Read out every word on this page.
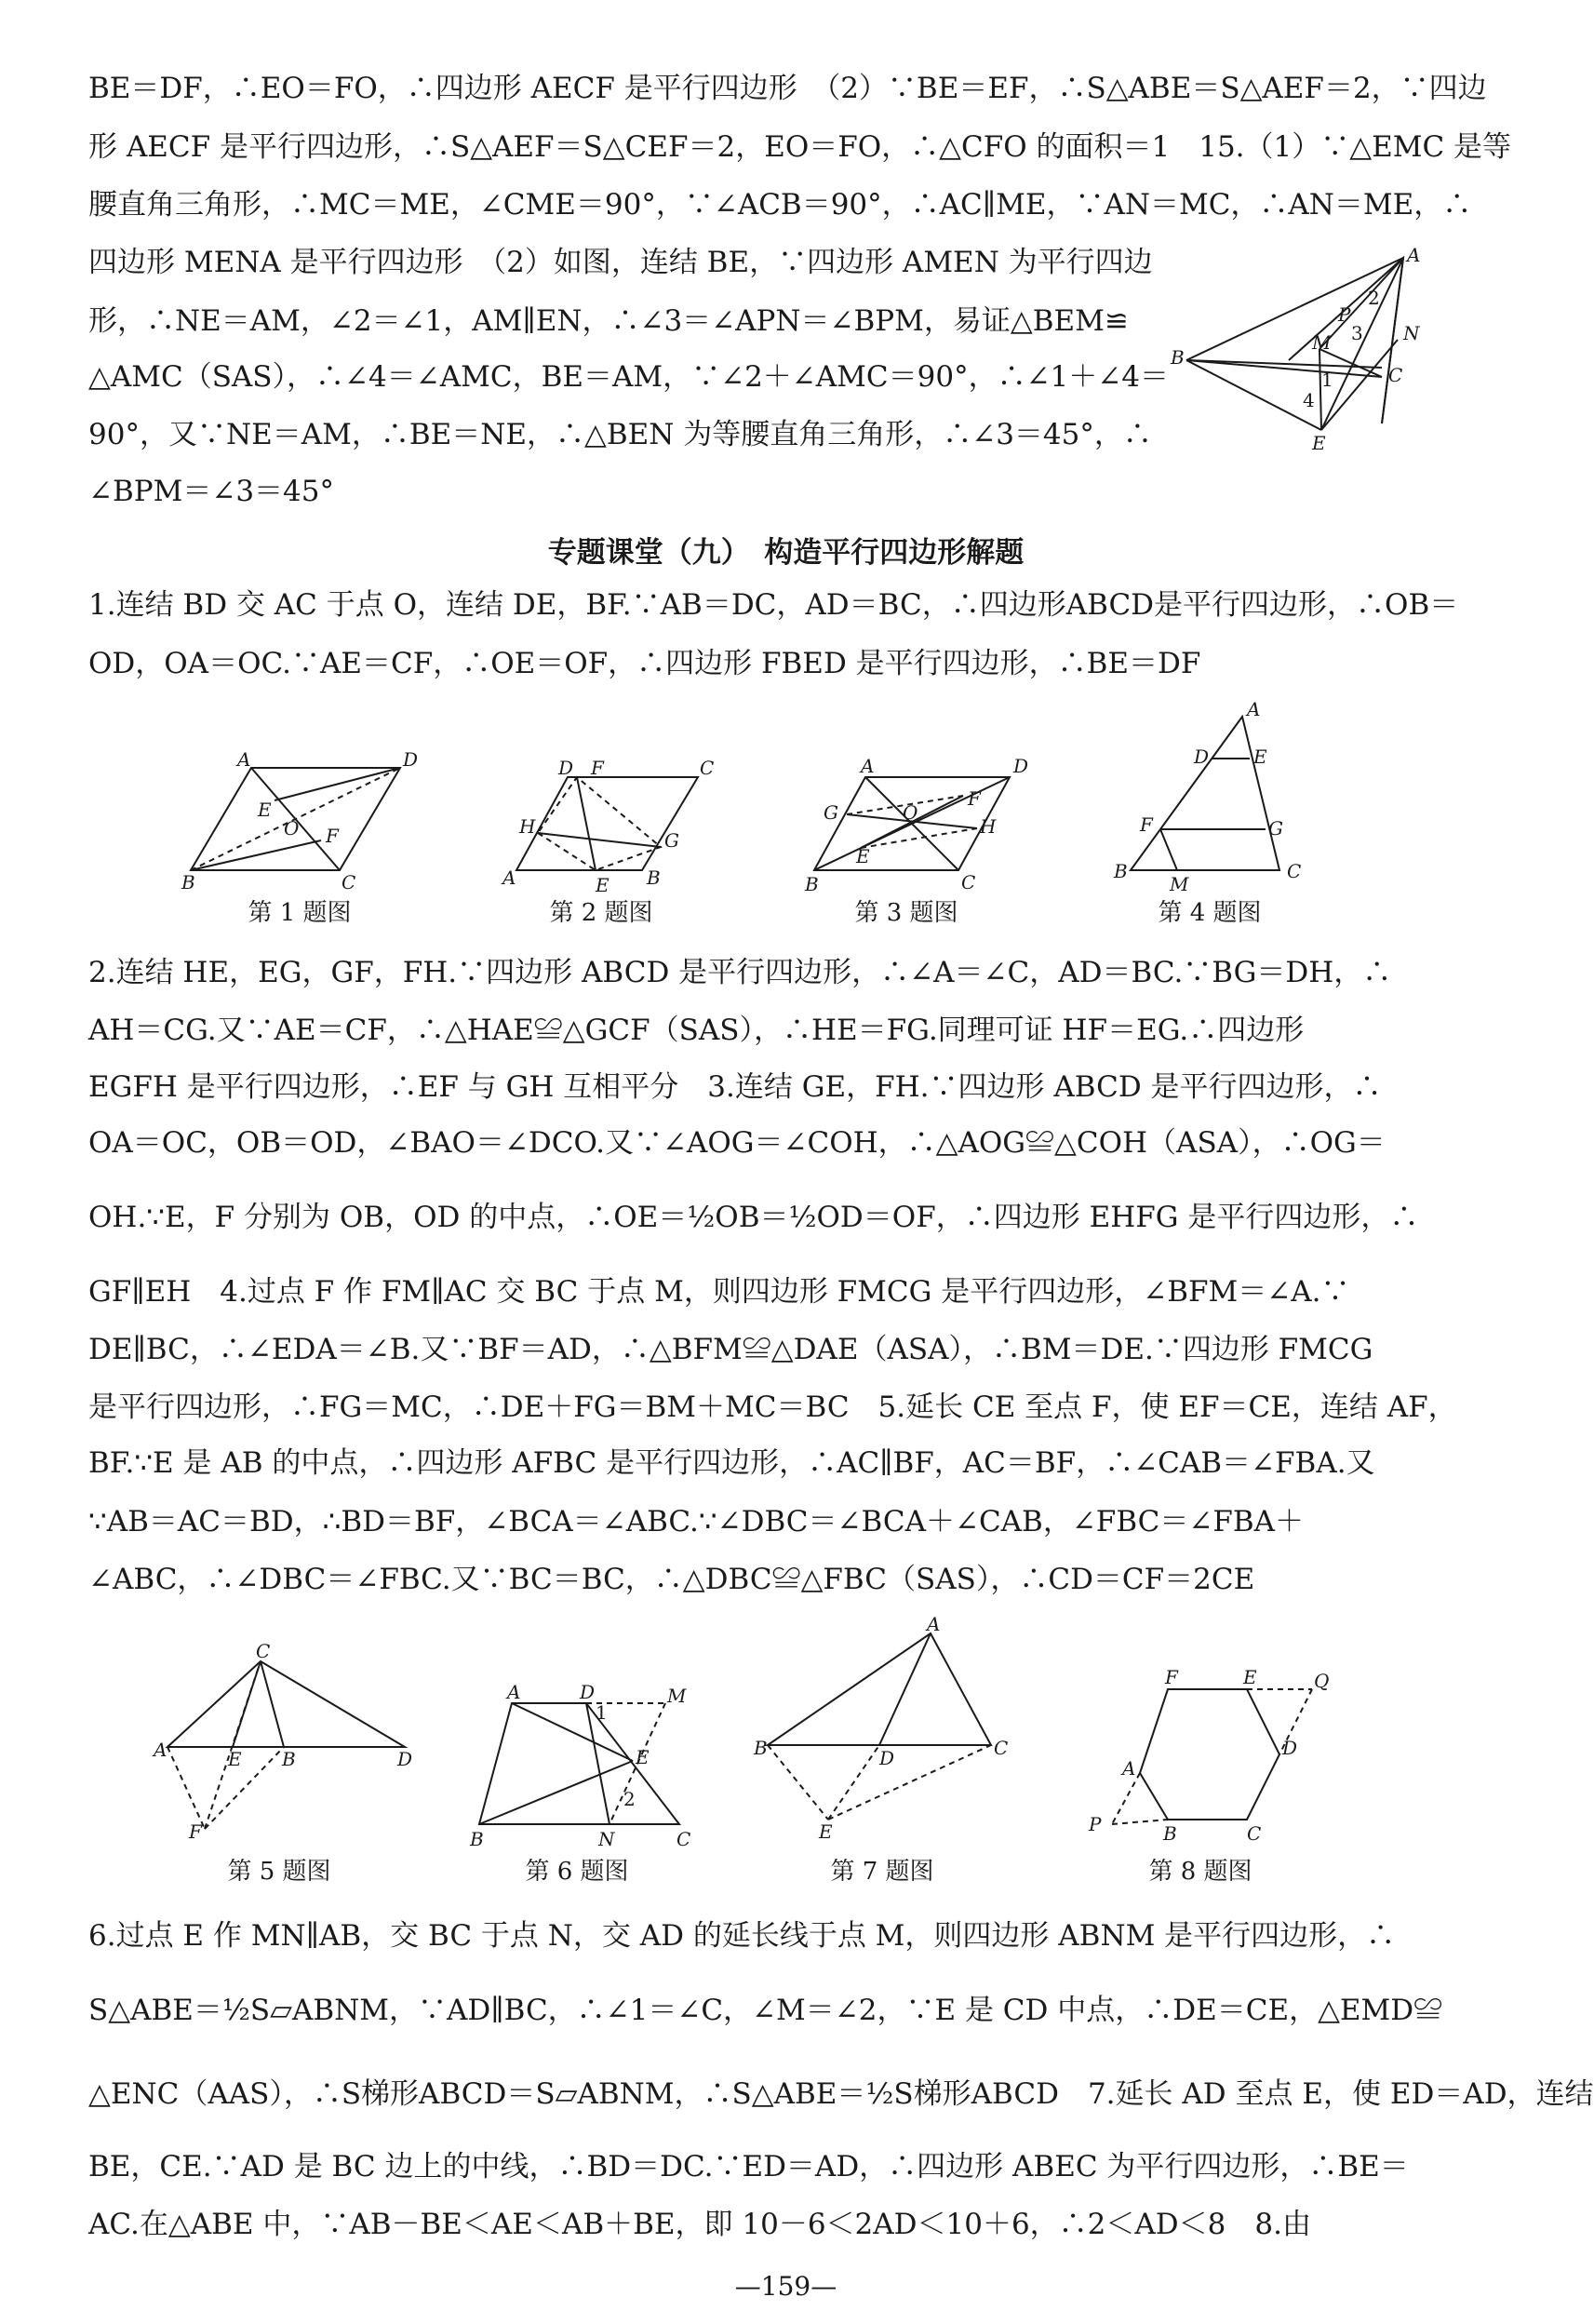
BE＝DF，∴EO＝FO，∴四边形 AECF 是平行四边形　（2）∵BE＝EF，∴S△ABE＝S△AEF＝2，∵四边
形 AECF 是平行四边形，∴S△AEF＝S△CEF＝2，EO＝FO，∴△CFO 的面积＝1　15.（1）∵△EMC 是等
腰直角三角形，∴MC＝ME，∠CME＝90°，∵∠ACB＝90°，∴AC∥ME，∵AN＝MC，∴AN＝ME，∴
四边形 MENA 是平行四边形　（2）如图，连结 BE，∵四边形 AMEN 为平行四边
形，∴NE＝AM，∠2＝∠1，AM∥EN，∴∠3＝∠APN＝∠BPM，易证△BEM≌
△AMC（SAS），∴∠4＝∠AMC，BE＝AM，∵∠2＋∠AMC＝90°，∴∠1＋∠4＝
90°，又∵NE＝AM，∴BE＝NE，∴△BEN 为等腰直角三角形，∴∠3＝45°，∴
∠BPM＝∠3＝45°
A
N
C
B
M
P
2
3
1
4
E
专题课堂（九）　构造平行四边形解题
1.连结 BD 交 AC 于点 O，连结 DE，BF.∵AB＝DC，AD＝BC，∴四边形ABCD是平行四边形，∴OB＝
OD，OA＝OC.∵AE＝CF，∴OE＝OF，∴四边形 FBED 是平行四边形，∴BE＝DF
A	D
B	C
E
O F
第 1 题图
A
D F	C
H
G
E B
第 2 题图
A	D
B	C
G
H
E
F
O
第 3 题图
A
D E
F	G
B	C
M
第 4 题图
2.连结 HE，EG，GF，FH.∵四边形 ABCD 是平行四边形，∴∠A＝∠C，AD＝BC.∵BG＝DH，∴
AH＝CG.又∵AE＝CF，∴△HAE≌△GCF（SAS），∴HE＝FG.同理可证 HF＝EG.∴四边形
EGFH 是平行四边形，∴EF 与 GH 互相平分　3.连结 GE，FH.∵四边形 ABCD 是平行四边形，∴
OA＝OC，OB＝OD，∠BAO＝∠DCO.又∵∠AOG＝∠COH，∴△AOG≌△COH（ASA），∴OG＝
OH.∵E，F 分别为 OB，OD 的中点，∴OE＝½OB＝½OD＝OF，∴四边形 EHFG 是平行四边形，∴
GF∥EH　4.过点 F 作 FM∥AC 交 BC 于点 M，则四边形 FMCG 是平行四边形，∠BFM＝∠A.∵
DE∥BC，∴∠EDA＝∠B.又∵BF＝AD，∴△BFM≌△DAE（ASA），∴BM＝DE.∵四边形 FMCG
是平行四边形，∴FG＝MC，∴DE＋FG＝BM＋MC＝BC　5.延长 CE 至点 F，使 EF＝CE，连结 AF，
BF.∵E 是 AB 的中点，∴四边形 AFBC 是平行四边形，∴AC∥BF，AC＝BF，∴∠CAB＝∠FBA.又
∵AB＝AC＝BD，∴BD＝BF，∠BCA＝∠ABC.∵∠DBC＝∠BCA＋∠CAB，∠FBC＝∠FBA＋
∠ABC，∴∠DBC＝∠FBC.又∵BC＝BC，∴△DBC≌△FBC（SAS），∴CD＝CF＝2CE
C
A	E B	D
F
第 5 题图
A	D	M
E
2
1
B	N	C
第 6 题图
A
B	D	C
E
第 7 题图
F	E	Q
D
A
P	B	C
第 8 题图
6.过点 E 作 MN∥AB，交 BC 于点 N，交 AD 的延长线于点 M，则四边形 ABNM 是平行四边形，∴
S△ABE＝½S▱ABNM，∵AD∥BC，∴∠1＝∠C，∠M＝∠2，∵E 是 CD 中点，∴DE＝CE，△EMD≌
△ENC（AAS），∴S梯形ABCD＝S▱ABNM，∴S△ABE＝½S梯形ABCD　7.延长 AD 至点 E，使 ED＝AD，连结
BE，CE.∵AD 是 BC 边上的中线，∴BD＝DC.∵ED＝AD，∴四边形 ABEC 为平行四边形，∴BE＝
AC.在△ABE 中，∵AB－BE＜AE＜AB＋BE，即 10－6＜2AD＜10＋6，∴2＜AD＜8　8.由
—159—
